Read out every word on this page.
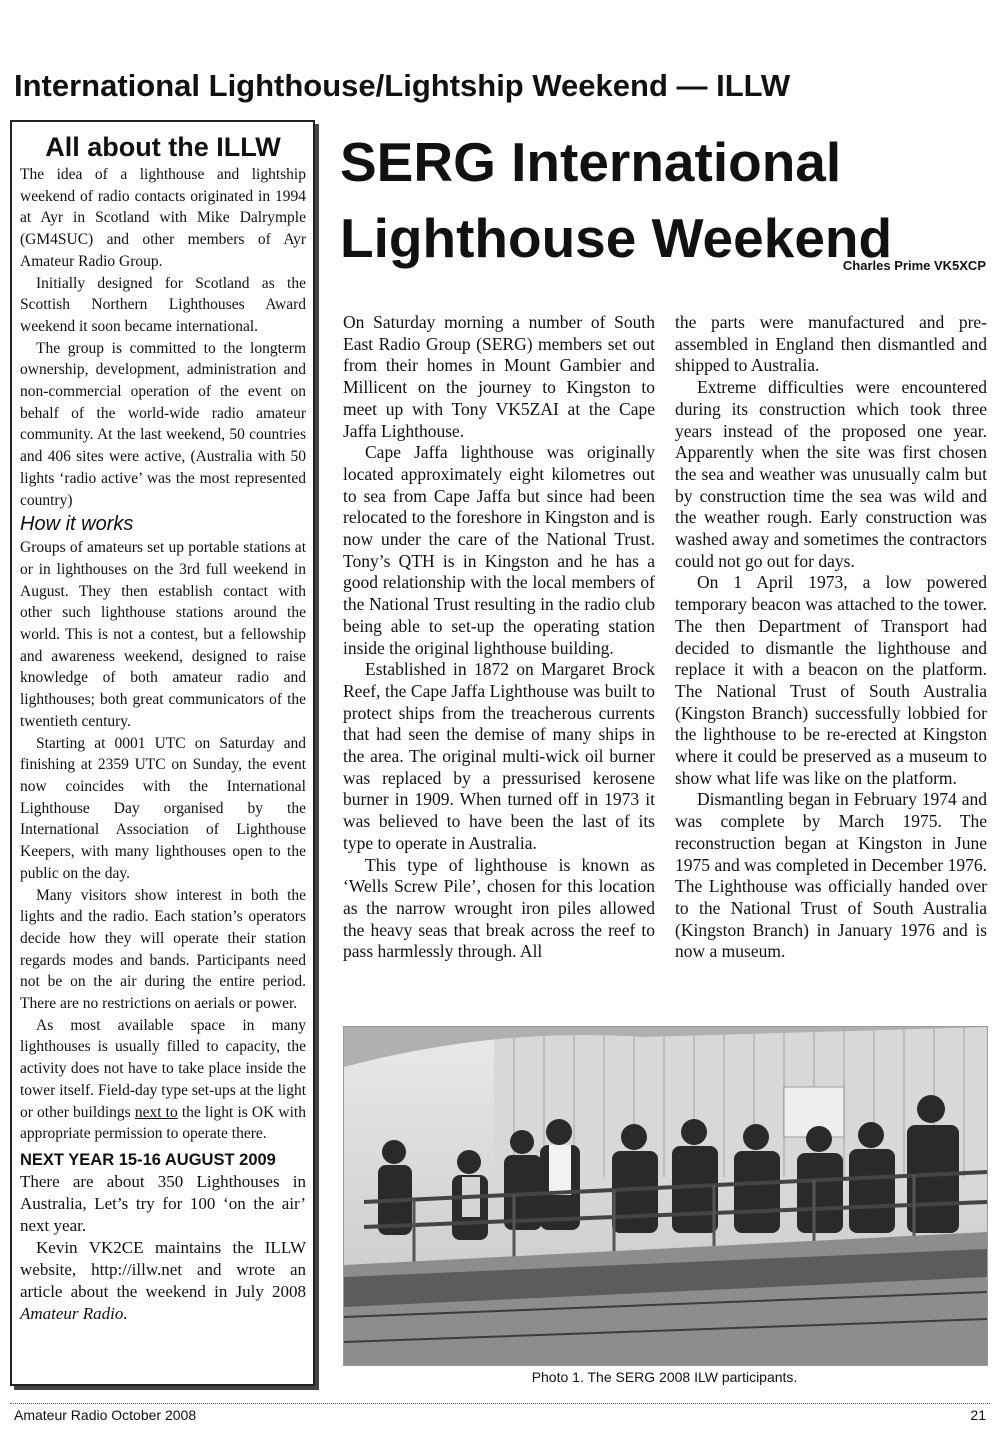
International Lighthouse/Lightship Weekend — ILLW
All about the ILLW

The idea of a lighthouse and lightship weekend of radio contacts originated in 1994 at Ayr in Scotland with Mike Dalrymple (GM4SUC) and other members of Ayr Amateur Radio Group.

Initially designed for Scotland as the Scottish Northern Lighthouses Award weekend it soon became international.

The group is committed to the longterm ownership, development, administration and non-commercial operation of the event on behalf of the world-wide radio amateur community. At the last weekend, 50 countries and 406 sites were active, (Australia with 50 lights ‘radio active’ was the most represented country)

How it works

Groups of amateurs set up portable stations at or in lighthouses on the 3rd full weekend in August. They then establish contact with other such lighthouse stations around the world. This is not a contest, but a fellowship and awareness weekend, designed to raise knowledge of both amateur radio and lighthouses; both great communicators of the twentieth century.

Starting at 0001 UTC on Saturday and finishing at 2359 UTC on Sunday, the event now coincides with the International Lighthouse Day organised by the International Association of Lighthouse Keepers, with many lighthouses open to the public on the day.

Many visitors show interest in both the lights and the radio. Each station’s operators decide how they will operate their station regards modes and bands. Participants need not be on the air during the entire period. There are no restrictions on aerials or power.

As most available space in many lighthouses is usually filled to capacity, the activity does not have to take place inside the tower itself. Field-day type set-ups at the light or other buildings next to the light is OK with appropriate permission to operate there.

NEXT YEAR 15-16 AUGUST 2009

There are about 350 Lighthouses in Australia, Let’s try for 100 ‘on the air’ next year.

Kevin VK2CE maintains the ILLW website, http://illw.net and wrote an article about the weekend in July 2008 Amateur Radio.

SERG International
Lighthouse Weekend
Charles Prime VK5XCP

On Saturday morning a number of South East Radio Group (SERG) members set out from their homes in Mount Gambier and Millicent on the journey to Kingston to meet up with Tony VK5ZAI at the Cape Jaffa Lighthouse.

Cape Jaffa lighthouse was originally located approximately eight kilometres out to sea from Cape Jaffa but since had been relocated to the foreshore in Kingston and is now under the care of the National Trust. Tony’s QTH is in Kingston and he has a good relationship with the local members of the National Trust resulting in the radio club being able to set-up the operating station inside the original lighthouse building.

Established in 1872 on Margaret Brock Reef, the Cape Jaffa Lighthouse was built to protect ships from the treacherous currents that had seen the demise of many ships in the area. The original multi-wick oil burner was replaced by a pressurised kerosene burner in 1909. When turned off in 1973 it was believed to have been the last of its type to operate in Australia.

This type of lighthouse is known as ‘Wells Screw Pile’, chosen for this location as the narrow wrought iron piles allowed the heavy seas that break across the reef to pass harmlessly through. All

the parts were manufactured and pre-assembled in England then dismantled and shipped to Australia.

Extreme difficulties were encountered during its construction which took three years instead of the proposed one year. Apparently when the site was first chosen the sea and weather was unusually calm but by construction time the sea was wild and the weather rough. Early construction was washed away and sometimes the contractors could not go out for days.

On 1 April 1973, a low powered temporary beacon was attached to the tower. The then Department of Transport had decided to dismantle the lighthouse and replace it with a beacon on the platform. The National Trust of South Australia (Kingston Branch) successfully lobbied for the lighthouse to be re-erected at Kingston where it could be preserved as a museum to show what life was like on the platform.

Dismantling began in February 1974 and was complete by March 1975. The reconstruction began at Kingston in June 1975 and was completed in December 1976. The Lighthouse was officially handed over to the National Trust of South Australia (Kingston Branch) in January 1976 and is now a museum.

Photo 1. The SERG 2008 ILW participants.
Amateur Radio October 2008	21
